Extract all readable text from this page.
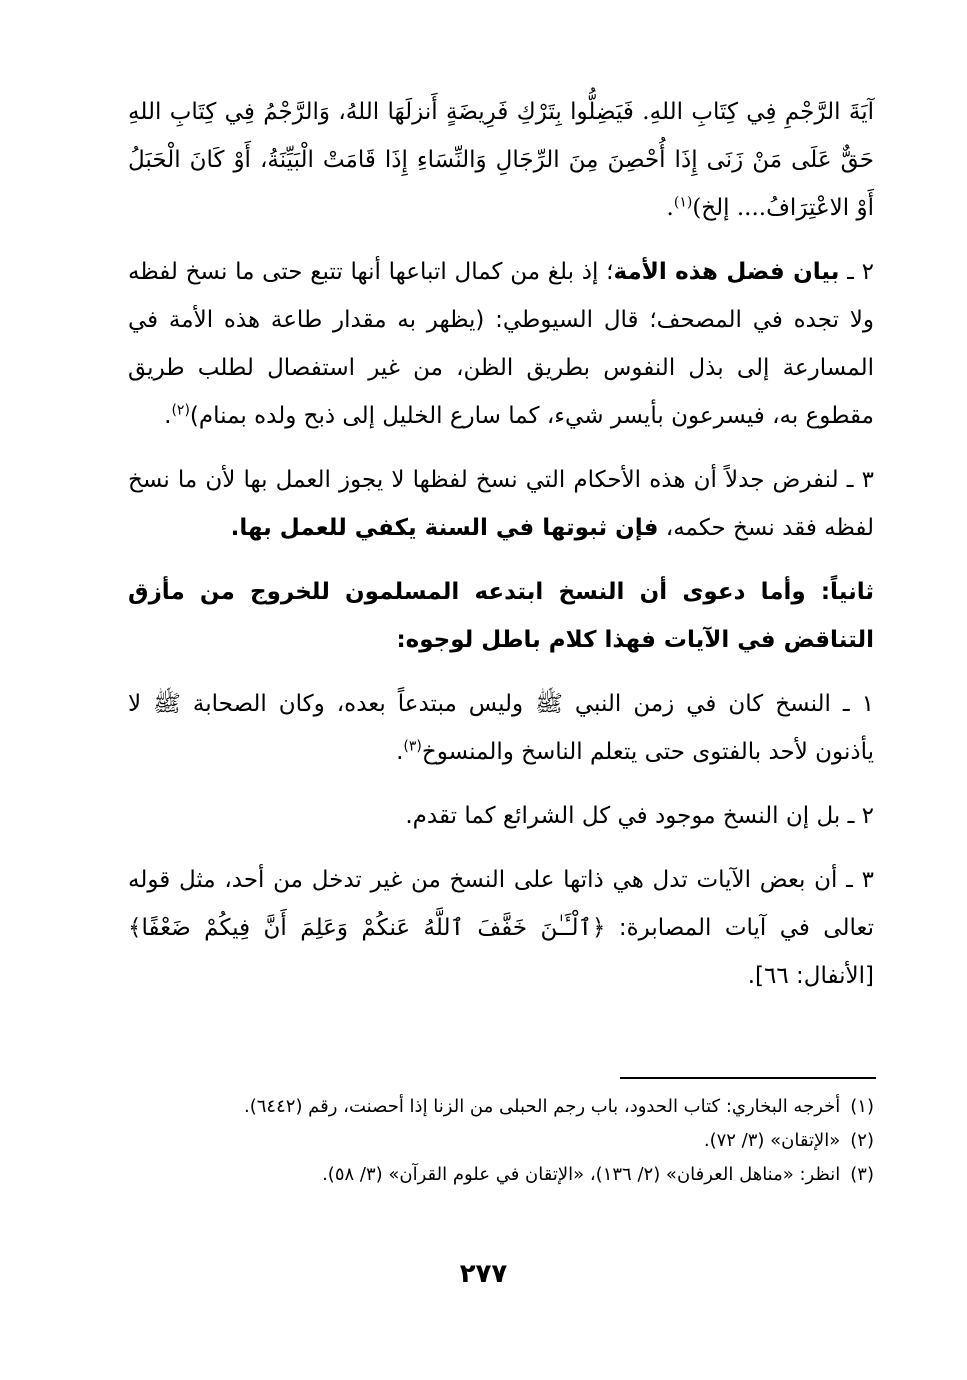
آيَةَ الرَّجْمِ فِي كِتَابِ اللهِ. فَيَضِلُّوا بِتَرْكِ فَرِيضَةٍ أَنزلَهَا اللهُ، وَالرَّجْمُ فِي كِتَابِ اللهِ حَقٌّ عَلَى مَنْ زَنَى إِذَا أُحْصِنَ مِنَ الرِّجَالِ وَالنِّسَاءِ إِذَا قَامَتْ الْبَيِّنَةُ، أَوْ كَانَ الْحَبَلُ أَوْ الاعْتِرَافُ.... إلخ)$^{(١)}$.

٢ ـ بيان فضل هذه الأمة؛ إذ بلغ من كمال اتباعها أنها تتبع حتى ما نسخ لفظه ولا تجده في المصحف؛ قال السيوطي: (يظهر به مقدار طاعة هذه الأمة في المسارعة إلى بذل النفوس بطريق الظن، من غير استفصال لطلب طريق مقطوع به، فيسرعون بأيسر شيء، كما سارع الخليل إلى ذبح ولده بمنام)$^{(٢)}$.

٣ ـ لنفرض جدلاً أن هذه الأحكام التي نسخ لفظها لا يجوز العمل بها لأن ما نسخ لفظه فقد نسخ حكمه، فإن ثبوتها في السنة يكفي للعمل بها.

ثانياً: وأما دعوى أن النسخ ابتدعه المسلمون للخروج من مأزق التناقض في الآيات فهذا كلام باطل لوجوه:

١ ـ النسخ كان في زمن النبي ﷺ وليس مبتدعاً بعده، وكان الصحابة ﷺ لا يأذنون لأحد بالفتوى حتى يتعلم الناسخ والمنسوخ$^{(٣)}$.

٢ ـ بل إن النسخ موجود في كل الشرائع كما تقدم.

٣ ـ أن بعض الآيات تدل هي ذاتها على النسخ من غير تدخل من أحد، مثل قوله تعالى في آيات المصابرة: ﴿ٱلْـَٔـٰنَ خَفَّفَ ٱللَّهُ عَنكُمْ وَعَلِمَ أَنَّ فِيكُمْ ضَعْفًا﴾ [الأنفال: ٦٦].

(١)
أخرجه البخاري: كتاب الحدود، باب رجم الحبلى من الزنا إذا أحصنت، رقم (٦٤٤٢).

(٢)
«الإتقان» (٣/ ٧٢).

(٣)
انظر: «مناهل العرفان» (٢/ ١٣٦)، «الإتقان في علوم القرآن» (٣/ ٥٨).

٢٧٧
